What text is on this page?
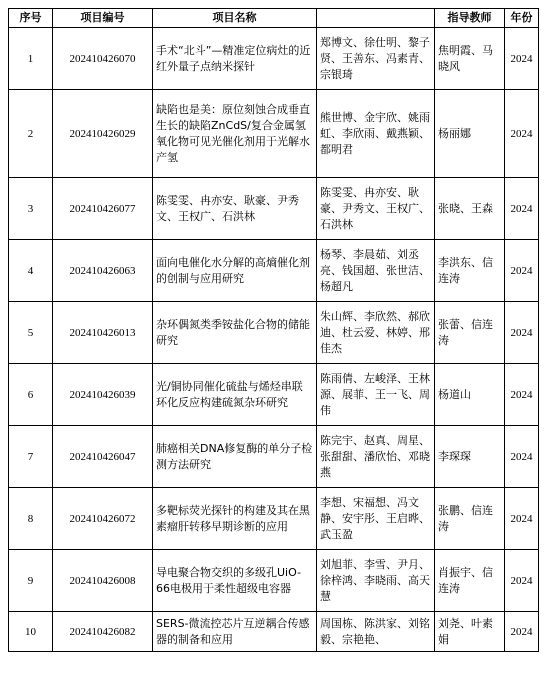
序号	项目编号	项目名称		指导教师	年份
1	202410426070	手术“北斗”—精准定位病灶的近红外量子点纳米探针	郑博文、徐仕明、黎子贤、王善东、冯素青、宗银琦	焦明霞、马晓风	2024
2	202410426029	缺陷也是美：原位刻蚀合成垂直生长的缺陷ZnCdS/复合金属氢氧化物可见光催化剂用于光解水产氢	熊世博、金宇欣、姚雨虹、李欣雨、戴燕颖、都明君	杨丽娜	2024
3	202410426077	陈雯雯、冉亦安、耿豪、尹秀文、王权广、石洪林	陈雯雯、冉亦安、耿豪、尹秀文、王权广、石洪林	张晓、王森	2024
4	202410426063	面向电催化水分解的高熵催化剂的创制与应用研究	杨琴、李晨茹、刘丞亮、钱国超、张世洁、杨超凡	李洪东、信连涛	2024
5	202410426013	杂环偶氮类季铵盐化合物的储能研究	朱山辉、李欣然、郝欣迪、杜云爱、林婷、邢佳杰	张蕾、信连涛	2024
6	202410426039	光/铜协同催化硫盐与烯烃串联环化反应构建硫氮杂环研究	陈雨倩、左峻泽、王林源、展菲、王一飞、周伟	杨道山	2024
7	202410426047	肺癌相关DNA修复酶的单分子检测方法研究	陈完宇、赵真、周星、张甜甜、潘欣怡、邓晓燕	李琛琛	2024
8	202410426072	多靶标荧光探针的构建及其在黑素瘤肝转移早期诊断的应用	李想、宋福想、冯文静、安宇彤、王启晔、武玉盈	张鹏、信连涛	2024
9	202410426008	导电聚合物交织的多级孔UiO-66电极用于柔性超级电容器	刘旭菲、李雪、尹月、徐梓鸿、李晓雨、高天慧	肖振宇、信连涛	2024
10	202410426082	SERS-微流控芯片互逆耦合传感器的制备和应用	周国栋、陈洪家、刘铭毅、宗艳艳、	刘尧、叶素娟	2024
